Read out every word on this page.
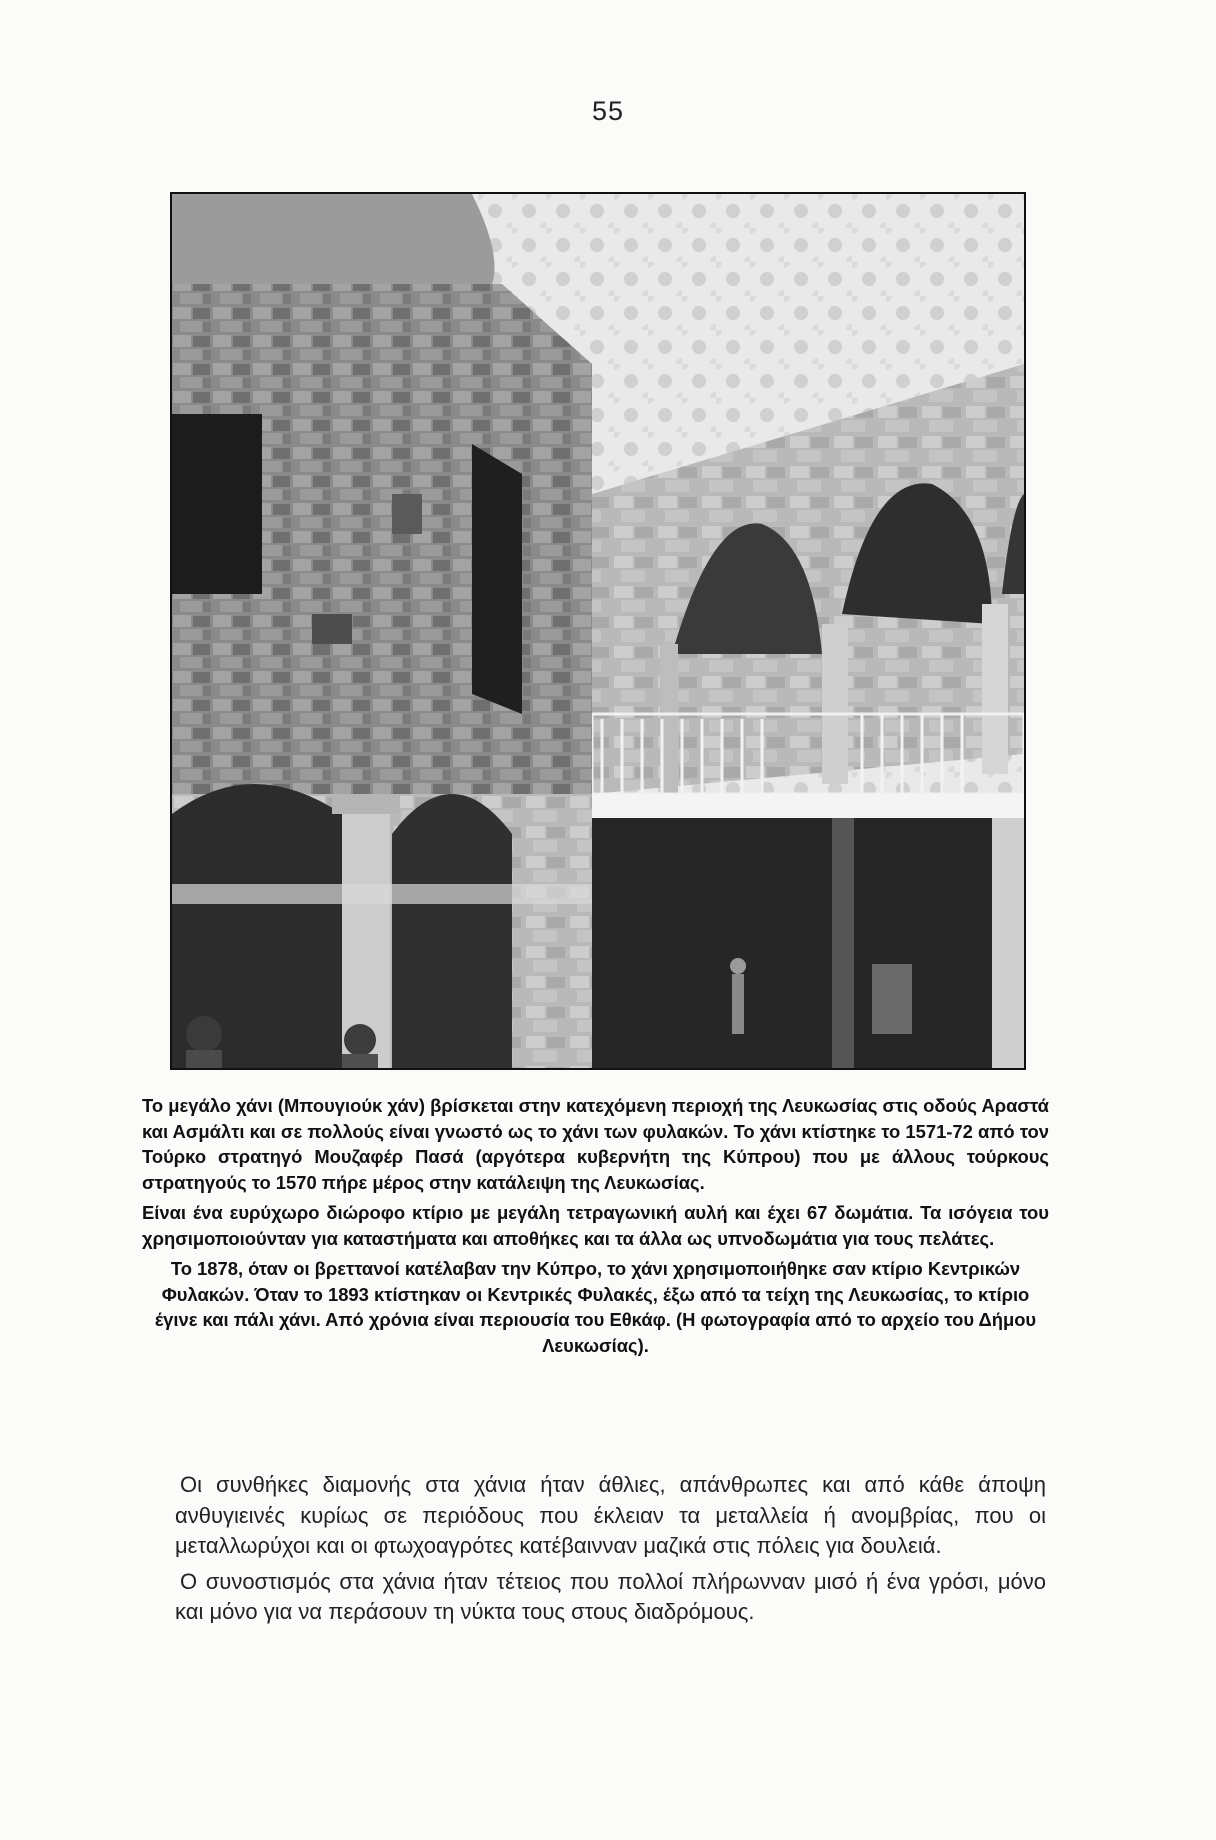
55

Το μεγάλο χάνι (Μπουγιούκ χάν) βρίσκεται στην κατεχόμενη περιοχή της Λευκωσίας στις οδούς Αραστά και Ασμάλτι και σε πολλούς είναι γνωστό ως το χάνι των φυλακών. Το χάνι κτίστηκε το 1571-72 από τον Τούρκο στρατηγό Μουζαφέρ Πασά (αργότερα κυβερνήτη της Κύπρου) που με άλλους τούρκους στρατηγούς το 1570 πήρε μέρος στην κατάλειψη της Λευκωσίας.

Είναι ένα ευρύχωρο διώροφο κτίριο με μεγάλη τετραγωνική αυλή και έχει 67 δωμάτια. Τα ισόγεια του χρησιμοποιούνταν για καταστήματα και αποθήκες και τα άλλα ως υπνοδωμάτια για τους πελάτες.

Το 1878, όταν οι βρεττανοί κατέλαβαν την Κύπρο, το χάνι χρησιμοποιήθηκε σαν κτίριο Κεντρικών Φυλακών. Όταν το 1893 κτίστηκαν οι Κεντρικές Φυλακές, έξω από τα τείχη της Λευκωσίας, το κτίριο έγινε και πάλι χάνι. Από χρόνια είναι περιουσία του Εθκάφ. (Η φωτογραφία από το αρχείο του Δήμου Λευκωσίας).

Οι συνθήκες διαμονής στα χάνια ήταν άθλιες, απάνθρωπες και από κάθε άποψη ανθυγιεινές κυρίως σε περιόδους που έκλειαν τα μεταλλεία ή ανομβρίας, που οι μεταλλωρύχοι και οι φτωχοαγρότες κατέβαινναν μαζικά στις πόλεις για δουλειά.

Ο συνοστισμός στα χάνια ήταν τέτειος που πολλοί πλήρωνναν μισό ή ένα γρόσι, μόνο και μόνο για να περάσουν τη νύκτα τους στους διαδρόμους.
